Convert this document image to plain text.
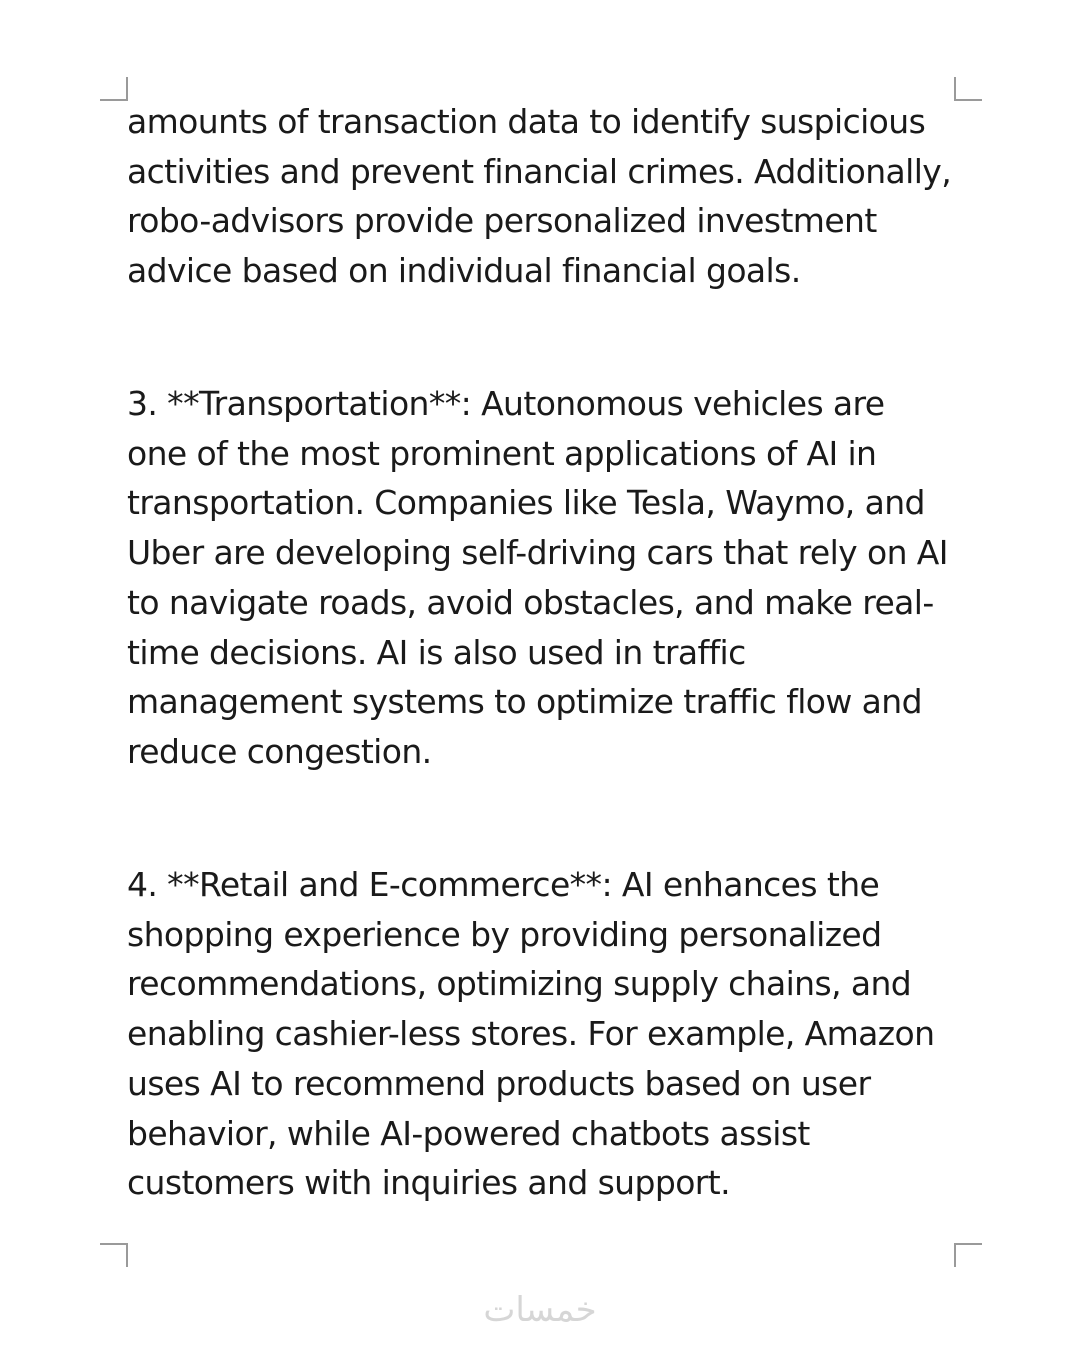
amounts of transaction data to identify suspicious
activities and prevent financial crimes. Additionally,
robo-advisors provide personalized investment
advice based on individual financial goals.

3. **Transportation**: Autonomous vehicles are
one of the most prominent applications of AI in
transportation. Companies like Tesla, Waymo, and
Uber are developing self-driving cars that rely on AI
to navigate roads, avoid obstacles, and make real-
time decisions. AI is also used in traffic
management systems to optimize traffic flow and
reduce congestion.

4. **Retail and E-commerce**: AI enhances the
shopping experience by providing personalized
recommendations, optimizing supply chains, and
enabling cashier-less stores. For example, Amazon
uses AI to recommend products based on user
behavior, while AI-powered chatbots assist
customers with inquiries and support.

خمسات
